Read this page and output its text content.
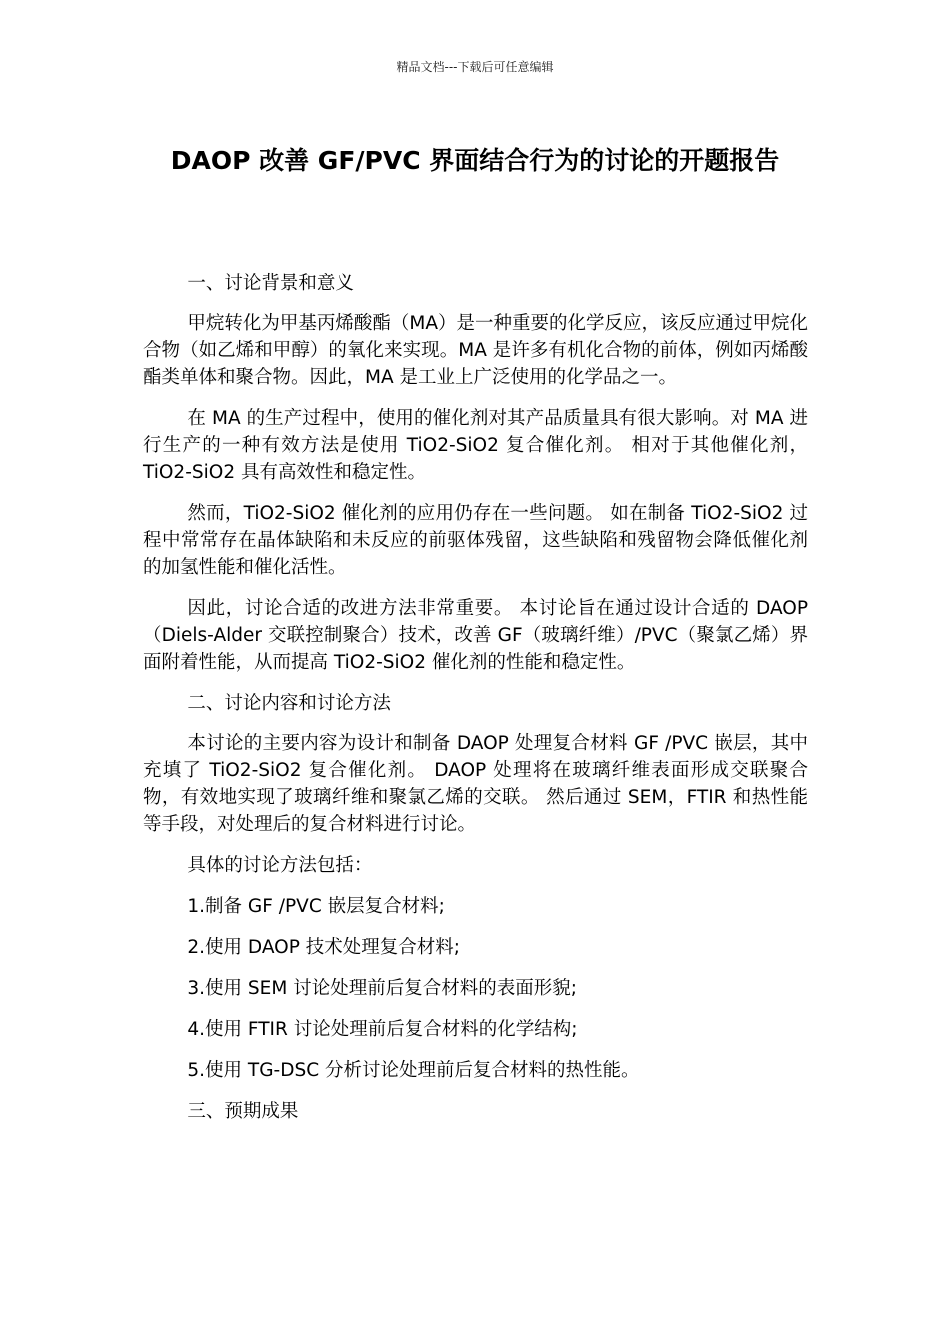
精品文档---下载后可任意编辑
DAOP 改善 GF/PVC 界面结合行为的讨论的开题报告

一、讨论背景和意义

甲烷转化为甲基丙烯酸酯（MA）是一种重要的化学反应，该反应通过甲烷化合物（如乙烯和甲醇）的氧化来实现。MA 是许多有机化合物的前体，例如丙烯酸酯类单体和聚合物。因此，MA 是工业上广泛使用的化学品之一。

在 MA 的生产过程中，使用的催化剂对其产品质量具有很大影响。对 MA 进行生产的一种有效方法是使用 TiO2-SiO2 复合催化剂。 相对于其他催化剂，TiO2-SiO2 具有高效性和稳定性。

然而，TiO2-SiO2 催化剂的应用仍存在一些问题。 如在制备 TiO2-SiO2 过程中常常存在晶体缺陷和未反应的前驱体残留，这些缺陷和残留物会降低催化剂的加氢性能和催化活性。

因此，讨论合适的改进方法非常重要。 本讨论旨在通过设计合适的 DAOP（Diels-Alder 交联控制聚合）技术，改善 GF（玻璃纤维）/PVC（聚氯乙烯）界面附着性能，从而提高 TiO2-SiO2 催化剂的性能和稳定性。

二、讨论内容和讨论方法

本讨论的主要内容为设计和制备 DAOP 处理复合材料 GF /PVC 嵌层，其中充填了 TiO2-SiO2 复合催化剂。 DAOP 处理将在玻璃纤维表面形成交联聚合物，有效地实现了玻璃纤维和聚氯乙烯的交联。 然后通过 SEM，FTIR 和热性能等手段，对处理后的复合材料进行讨论。

具体的讨论方法包括：

1.制备 GF /PVC 嵌层复合材料;

2.使用 DAOP 技术处理复合材料;

3.使用 SEM 讨论处理前后复合材料的表面形貌;

4.使用 FTIR 讨论处理前后复合材料的化学结构;

5.使用 TG-DSC 分析讨论处理前后复合材料的热性能。

三、预期成果
